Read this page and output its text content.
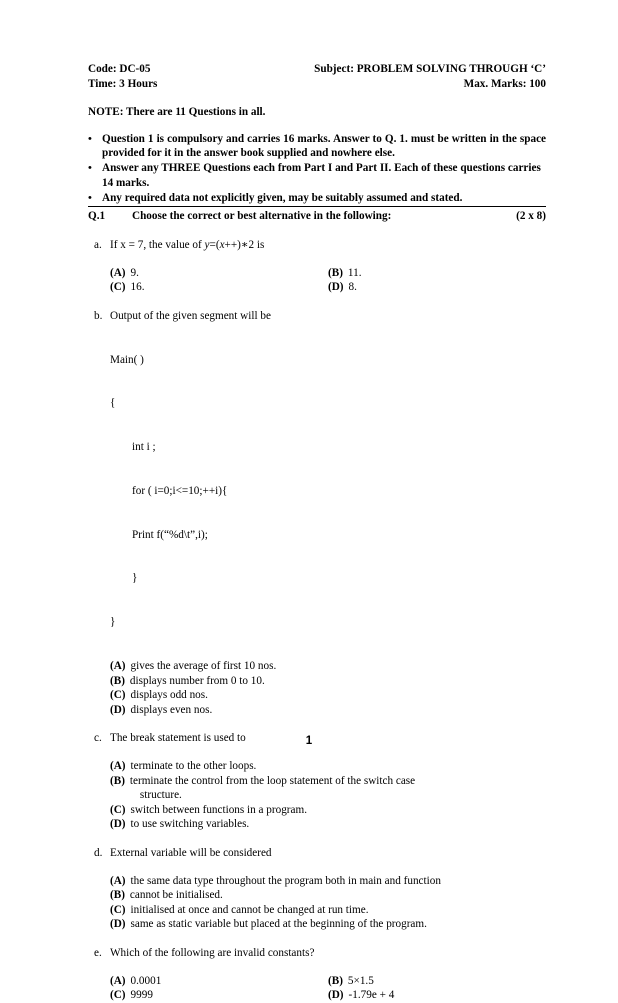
Code: DC-05	Subject: PROBLEM SOLVING THROUGH ‘C’
Time: 3 Hours	Max. Marks: 100
NOTE: There are 11 Questions in all.
• Question 1 is compulsory and carries 16 marks. Answer to Q. 1. must be written in the space provided for it in the answer book supplied and nowhere else.
• Answer any THREE Questions each from Part I and Part II. Each of these questions carries 14 marks.
• Any required data not explicitly given, may be suitably assumed and stated.
Q.1	Choose the correct or best alternative in the following:	(2 x 8)
a. If x = 7, the value of y=(x++)∗2 is
(A) 9.	(B) 11.
(C) 16.	(D) 8.
b. Output of the given segment will be

Main( )

{

int i ;

for ( i=0;i<=10;++i){

Print f(“%d\t”,i);

}

}

(A) gives the average of first 10 nos.
(B) displays number from 0 to 10.
(C) displays odd nos.
(D) displays even nos.
c. The break statement is used to
(A) terminate to the other loops.
(B) terminate the control from the loop statement of the switch case
structure.
(C) switch between functions in a program.
(D) to use switching variables.
d. External variable will be considered
(A) the same data type throughout the program both in main and function
(B) cannot be initialised.
(C) initialised at once and cannot be changed at run time.
(D) same as static variable but placed at the beginning of the program.
e. Which of the following are invalid constants?
(A) 0.0001	(B) 5×1.5
(C) 9999	(D) -1.79e + 4
1
